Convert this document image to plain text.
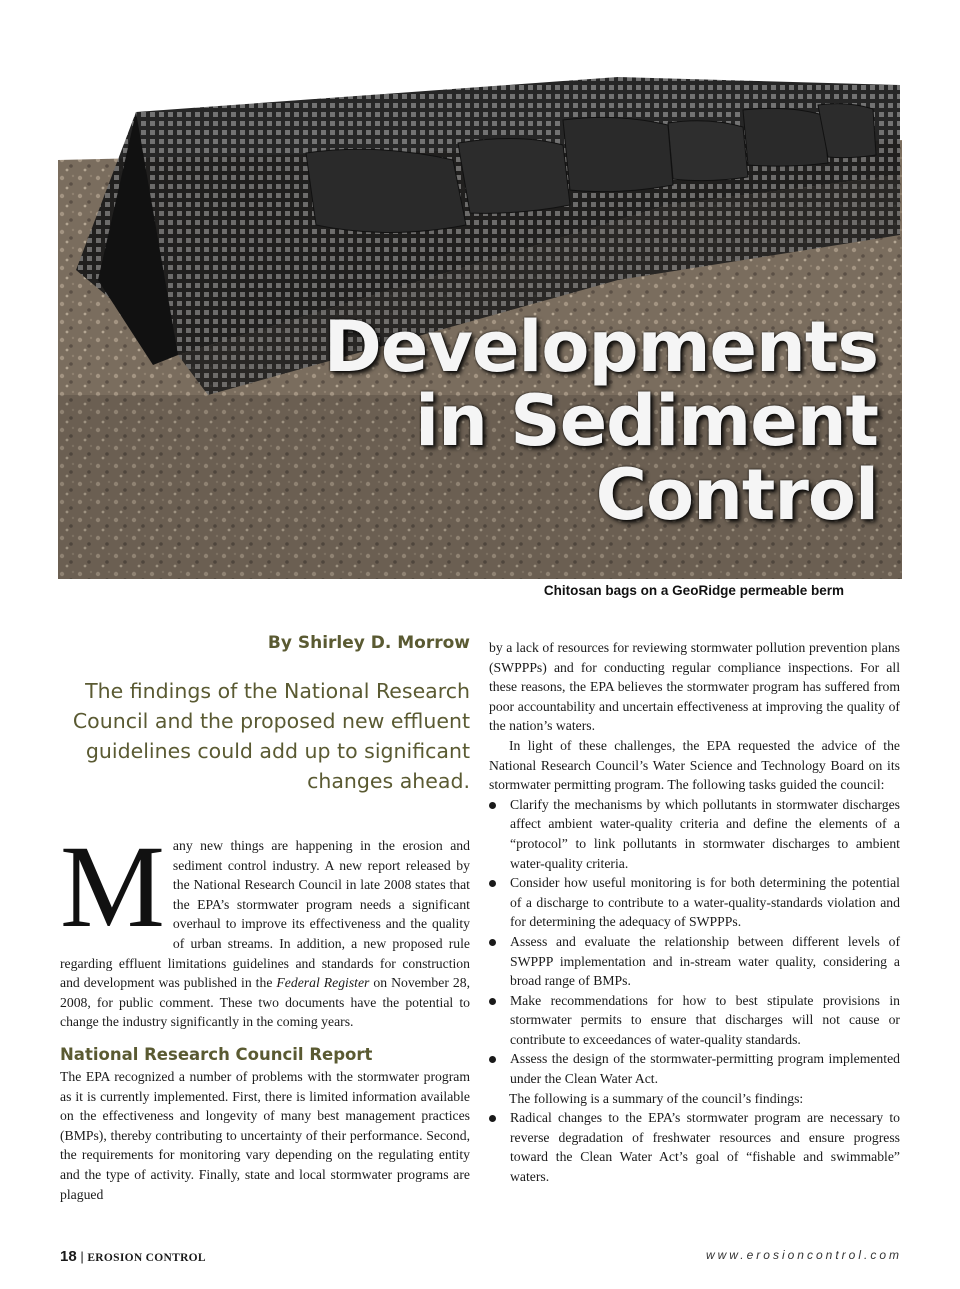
Developments
in Sediment
Control
Chitosan bags on a GeoRidge permeable berm
By Shirley D. Morrow
The findings of the National Research Council and the proposed new effluent guidelines could add up to significant changes ahead.

Many new things are happening in the erosion and sediment control industry. A new report released by the National Research Council in late 2008 states that the EPA’s stormwater program needs a significant overhaul to improve its effectiveness and the quality of urban streams. In addition, a new proposed rule regarding effluent limitations guidelines and standards for construction and development was published in the Federal Register on November 28, 2008, for public comment. These two documents have the potential to change the industry significantly in the coming years.

National Research Council Report

The EPA recognized a number of problems with the stormwater program as it is currently implemented. First, there is limited information available on the effectiveness and longevity of many best management practices (BMPs), thereby contributing to uncertainty of their performance. Second, the requirements for monitoring vary depending on the regulating entity and the type of activity. Finally, state and local stormwater programs are plagued

by a lack of resources for reviewing stormwater pollution prevention plans (SWPPPs) and for conducting regular compliance inspections. For all these reasons, the EPA believes the stormwater program has suffered from poor accountability and uncertain effectiveness at improving the quality of the nation’s waters.

In light of these challenges, the EPA requested the advice of the National Research Council’s Water Science and Technology Board on its stormwater permitting program. The following tasks guided the council:

Clarify the mechanisms by which pollutants in stormwater discharges affect ambient water-quality criteria and define the elements of a “protocol” to link pollutants in stormwater discharges to ambient water-quality criteria.
Consider how useful monitoring is for both determining the potential of a discharge to contribute to a water-quality-standards violation and for determining the adequacy of SWPPPs.
Assess and evaluate the relationship between different levels of SWPPP implementation and in-stream water quality, considering a broad range of BMPs.
Make recommendations for how to best stipulate provisions in stormwater permits to ensure that discharges will not cause or contribute to exceedances of water-quality standards.
Assess the design of the stormwater-permitting program implemented under the Clean Water Act.

The following is a summary of the council’s findings:

Radical changes to the EPA’s stormwater program are necessary to reverse degradation of freshwater resources and ensure progress toward the Clean Water Act’s goal of “fishable and swimmable” waters.
18 | EROSION CONTROL	www.erosioncontrol.com
